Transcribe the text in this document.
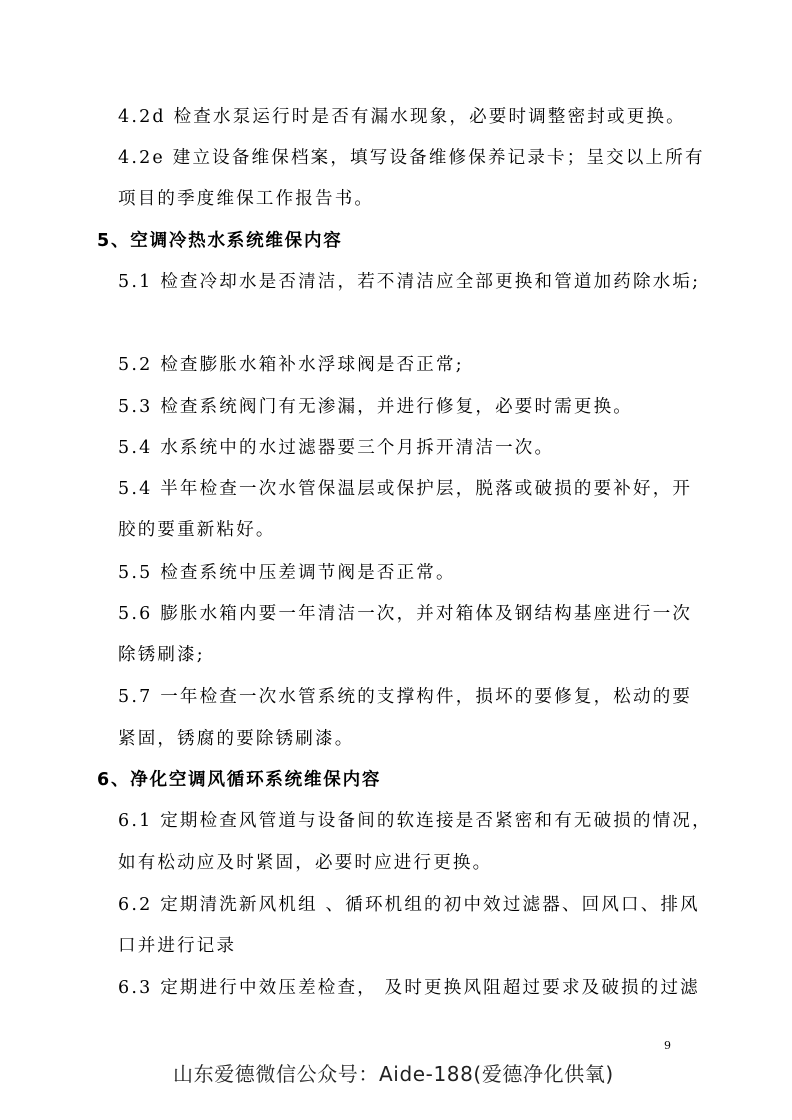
4.2d 检查水泵运行时是否有漏水现象，必要时调整密封或更换。
4.2e 建立设备维保档案，填写设备维修保养记录卡；呈交以上所有
项目的季度维保工作报告书。
5、空调冷热水系统维保内容
5.1 检查冷却水是否清洁，若不清洁应全部更换和管道加药除水垢;
5.2 检查膨胀水箱补水浮球阀是否正常;
5.3 检查系统阀门有无渗漏，并进行修复，必要时需更换。
5.4 水系统中的水过滤器要三个月拆开清洁一次。
5.4 半年检查一次水管保温层或保护层，脱落或破损的要补好，开
胶的要重新粘好。
5.5 检查系统中压差调节阀是否正常。
5.6 膨胀水箱内要一年清洁一次，并对箱体及钢结构基座进行一次
除锈刷漆;
5.7 一年检查一次水管系统的支撑构件，损坏的要修复，松动的要
紧固，锈腐的要除锈刷漆。
6、净化空调风循环系统维保内容
6.1 定期检查风管道与设备间的软连接是否紧密和有无破损的情况，
如有松动应及时紧固，必要时应进行更换。
6.2 定期清洗新风机组 、循环机组的初中效过滤器、回风口、排风
口并进行记录
6.3 定期进行中效压差检查， 及时更换风阻超过要求及破损的过滤
9
山东爱德微信公众号：Aide-188(爱德净化供氧)
